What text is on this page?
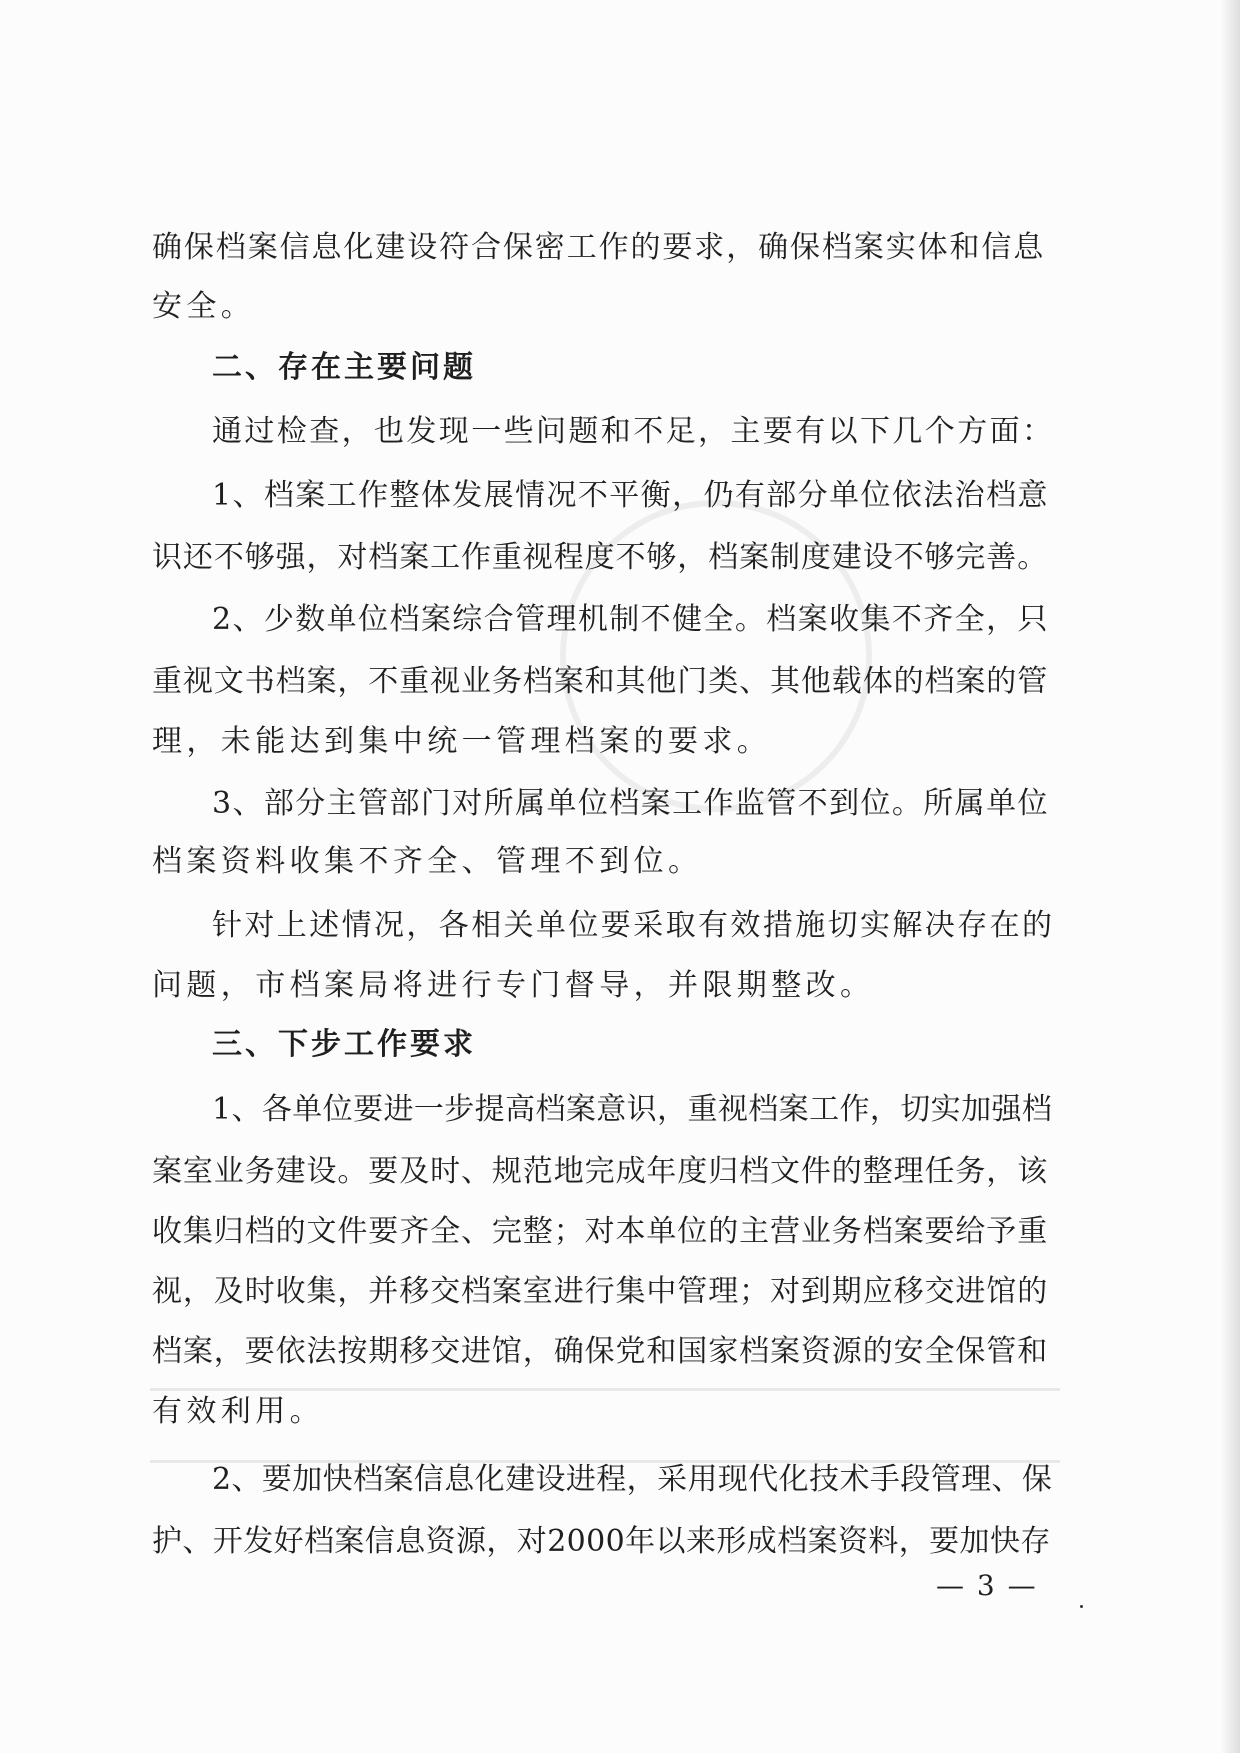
确保档案信息化建设符合保密工作的要求，确保档案实体和信息
安全。
二、存在主要问题
通过检查，也发现一些问题和不足，主要有以下几个方面：
1、档案工作整体发展情况不平衡，仍有部分单位依法治档意
识还不够强，对档案工作重视程度不够，档案制度建设不够完善。
2、少数单位档案综合管理机制不健全。档案收集不齐全，只
重视文书档案，不重视业务档案和其他门类、其他载体的档案的管
理，未能达到集中统一管理档案的要求。
3、部分主管部门对所属单位档案工作监管不到位。所属单位
档案资料收集不齐全、管理不到位。
针对上述情况，各相关单位要采取有效措施切实解决存在的
问题，市档案局将进行专门督导，并限期整改。
三、下步工作要求
1、各单位要进一步提高档案意识，重视档案工作，切实加强档
案室业务建设。要及时、规范地完成年度归档文件的整理任务，该
收集归档的文件要齐全、完整；对本单位的主营业务档案要给予重
视，及时收集，并移交档案室进行集中管理；对到期应移交进馆的
档案，要依法按期移交进馆，确保党和国家档案资源的安全保管和
有效利用。
2、要加快档案信息化建设进程，采用现代化技术手段管理、保
护、开发好档案信息资源，对2000年以来形成档案资料，要加快存
— 3 —
